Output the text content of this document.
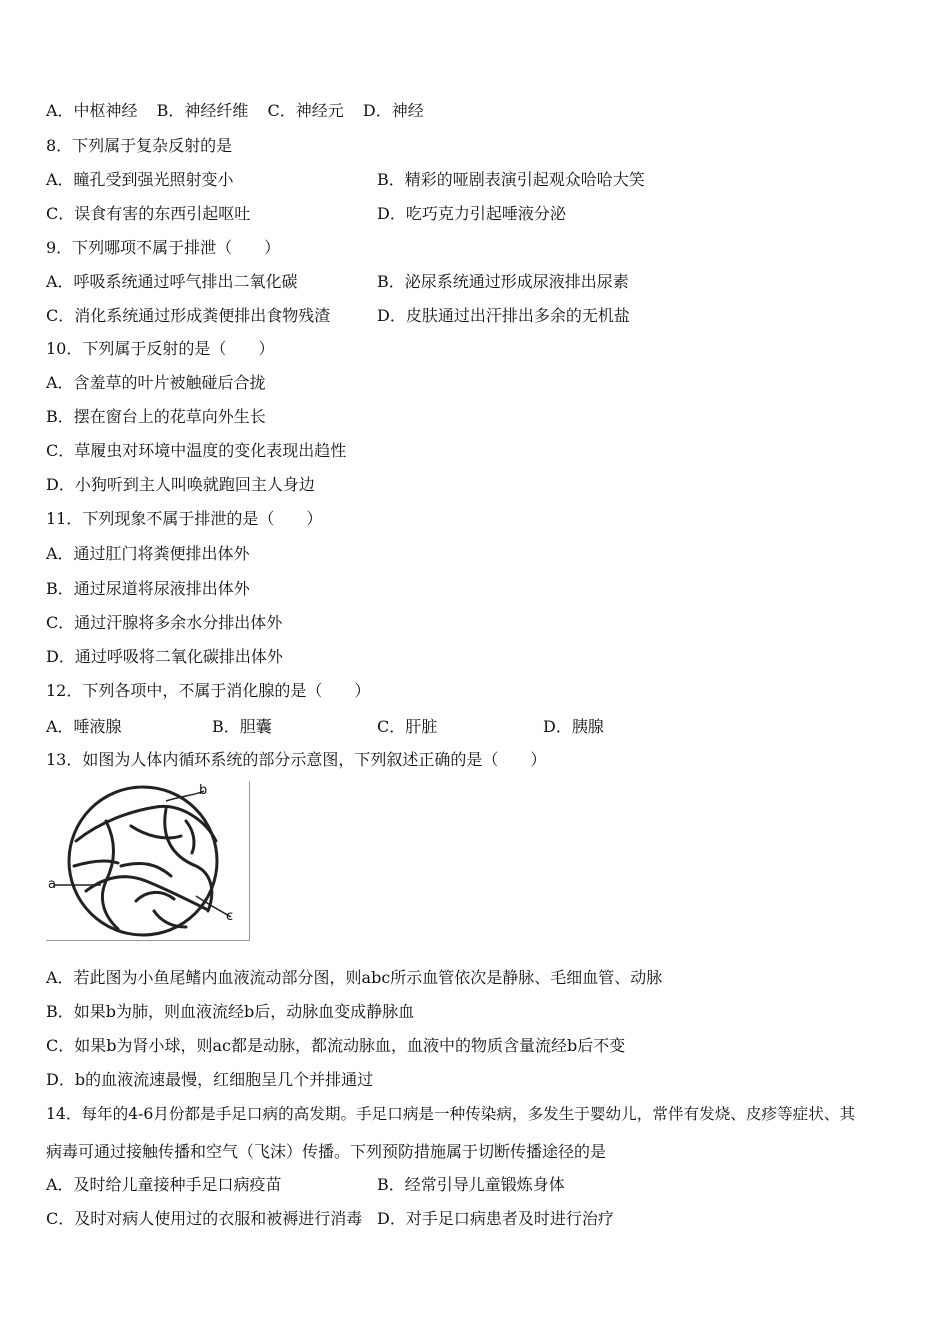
A．中枢神经 B．神经纤维 C．神经元 D．神经
8．下列属于复杂反射的是
A．瞳孔受到强光照射变小	B．精彩的哑剧表演引起观众哈哈大笑
C．误食有害的东西引起呕吐	D．吃巧克力引起唾液分泌
9．下列哪项不属于排泄（　　）
A．呼吸系统通过呼气排出二氧化碳	B．泌尿系统通过形成尿液排出尿素
C．消化系统通过形成粪便排出食物残渣	D．皮肤通过出汗排出多余的无机盐
10．下列属于反射的是（　　）
A．含羞草的叶片被触碰后合拢
B．摆在窗台上的花草向外生长
C．草履虫对环境中温度的变化表现出趋性
D．小狗听到主人叫唤就跑回主人身边
11．下列现象不属于排泄的是（　　）
A．通过肛门将粪便排出体外
B．通过尿道将尿液排出体外
C．通过汗腺将多余水分排出体外
D．通过呼吸将二氧化碳排出体外
12．下列各项中，不属于消化腺的是（　　）
A．唾液腺	B．胆囊	C．肝脏	D．胰腺
13．如图为人体内循环系统的部分示意图，下列叙述正确的是（　　）
b
a
c
A．若此图为小鱼尾鳍内血液流动部分图，则abc所示血管依次是静脉、毛细血管、动脉
B．如果b为肺，则血液流经b后，动脉血变成静脉血
C．如果b为肾小球，则ac都是动脉，都流动脉血，血液中的物质含量流经b后不变
D．b的血液流速最慢，红细胞呈几个并排通过
14．每年的4-6月份都是手足口病的高发期。手足口病是一种传染病，多发生于婴幼儿，常伴有发烧、皮疹等症状、其
病毒可通过接触传播和空气（飞沫）传播。下列预防措施属于切断传播途径的是
A．及时给儿童接种手足口病疫苗	B．经常引导儿童锻炼身体
C．及时对病人使用过的衣服和被褥进行消毒 D．对手足口病患者及时进行治疗
